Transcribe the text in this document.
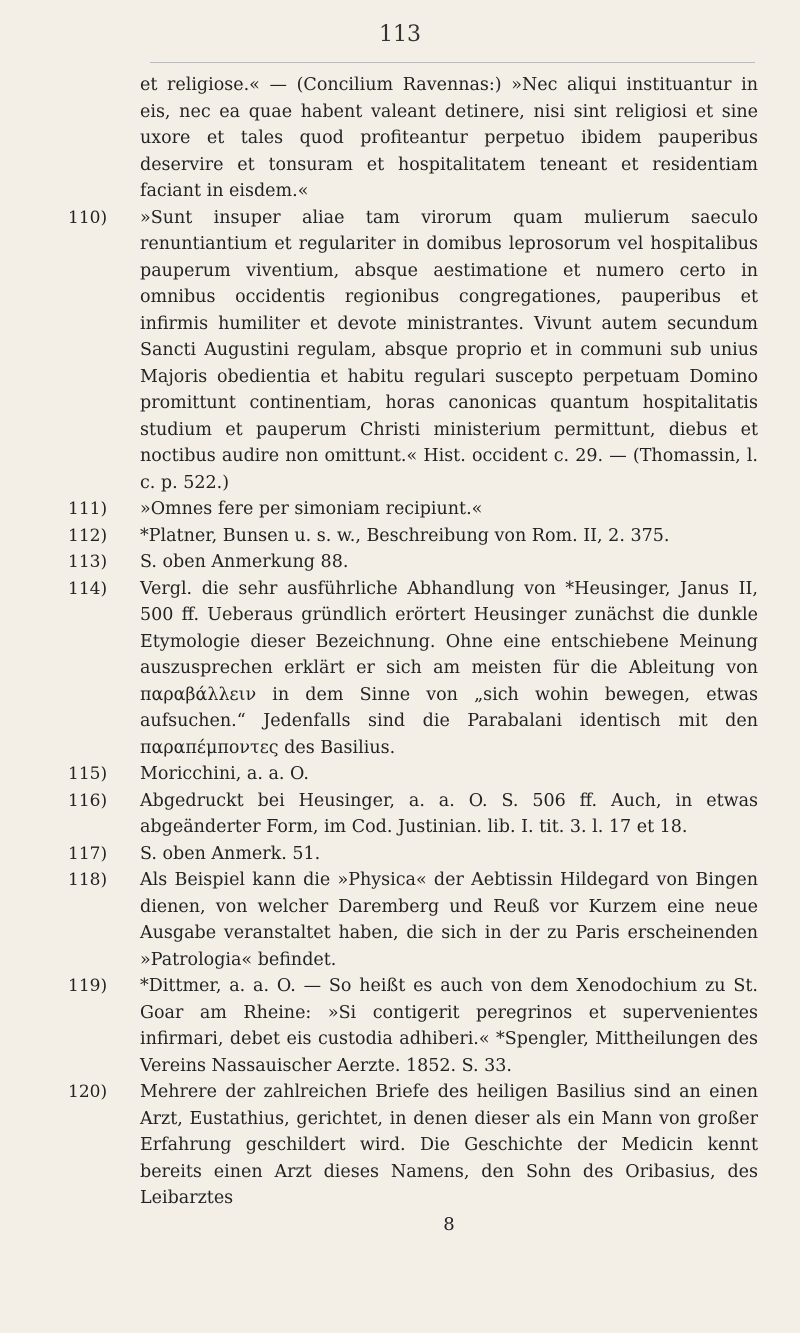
113

et religiose.« — (Concilium Ravennas:) »Nec aliqui instituantur in eis, nec ea quae habent valeant detinere, nisi sint religiosi et sine uxore et tales quod profiteantur perpetuo ibidem pauperibus deservire et tonsuram et hospitalitatem teneant et residentiam faciant in eisdem.«

110)	»Sunt insuper aliae tam virorum quam mulierum saeculo renuntiantium et regulariter in domibus leprosorum vel hospitalibus pauperum viventium, absque aestimatione et numero certo in omnibus occidentis regionibus congregationes, pauperibus et infirmis humiliter et devote ministrantes. Vivunt autem secundum Sancti Augustini regulam, absque proprio et in communi sub unius Majoris obedientia et habitu regulari suscepto perpetuam Domino promittunt continentiam, horas canonicas quantum hospitalitatis studium et pauperum Christi ministerium permittunt, diebus et noctibus audire non omittunt.« Hist. occident c. 29. — (Thomassin, l. c. p. 522.)

111)	»Omnes fere per simoniam recipiunt.«

112)	*Platner, Bunsen u. s. w., Beschreibung von Rom. II, 2. 375.

113)	S. oben Anmerkung 88.

114)	Vergl. die sehr ausführliche Abhandlung von *Heusinger, Janus II, 500 ff. Ueberaus gründlich erörtert Heusinger zunächst die dunkle Etymologie dieser Bezeichnung. Ohne eine entschiebene Meinung auszusprechen erklärt er sich am meisten für die Ableitung von παραβάλλειν in dem Sinne von „sich wohin bewegen, etwas aufsuchen.“ Jedenfalls sind die Parabalani identisch mit den παραπέμποντες des Basilius.

115)	Moricchini, a. a. O.

116)	Abgedruckt bei Heusinger, a. a. O. S. 506 ff. Auch, in etwas abgeänderter Form, im Cod. Justinian. lib. I. tit. 3. l. 17 et 18.

117)	S. oben Anmerk. 51.

118)	Als Beispiel kann die »Physica« der Aebtissin Hildegard von Bingen dienen, von welcher Daremberg und Reuß vor Kurzem eine neue Ausgabe veranstaltet haben, die sich in der zu Paris erscheinenden »Patrologia« befindet.

119)	*Dittmer, a. a. O. — So heißt es auch von dem Xenodochium zu St. Goar am Rheine: »Si contigerit peregrinos et supervenientes infirmari, debet eis custodia adhiberi.« *Spengler, Mittheilungen des Vereins Nassauischer Aerzte. 1852. S. 33.

120)	Mehrere der zahlreichen Briefe des heiligen Basilius sind an einen Arzt, Eustathius, gerichtet, in denen dieser als ein Mann von großer Erfahrung geschildert wird. Die Geschichte der Medicin kennt bereits einen Arzt dieses Namens, den Sohn des Oribasius, des Leibarztes

8
